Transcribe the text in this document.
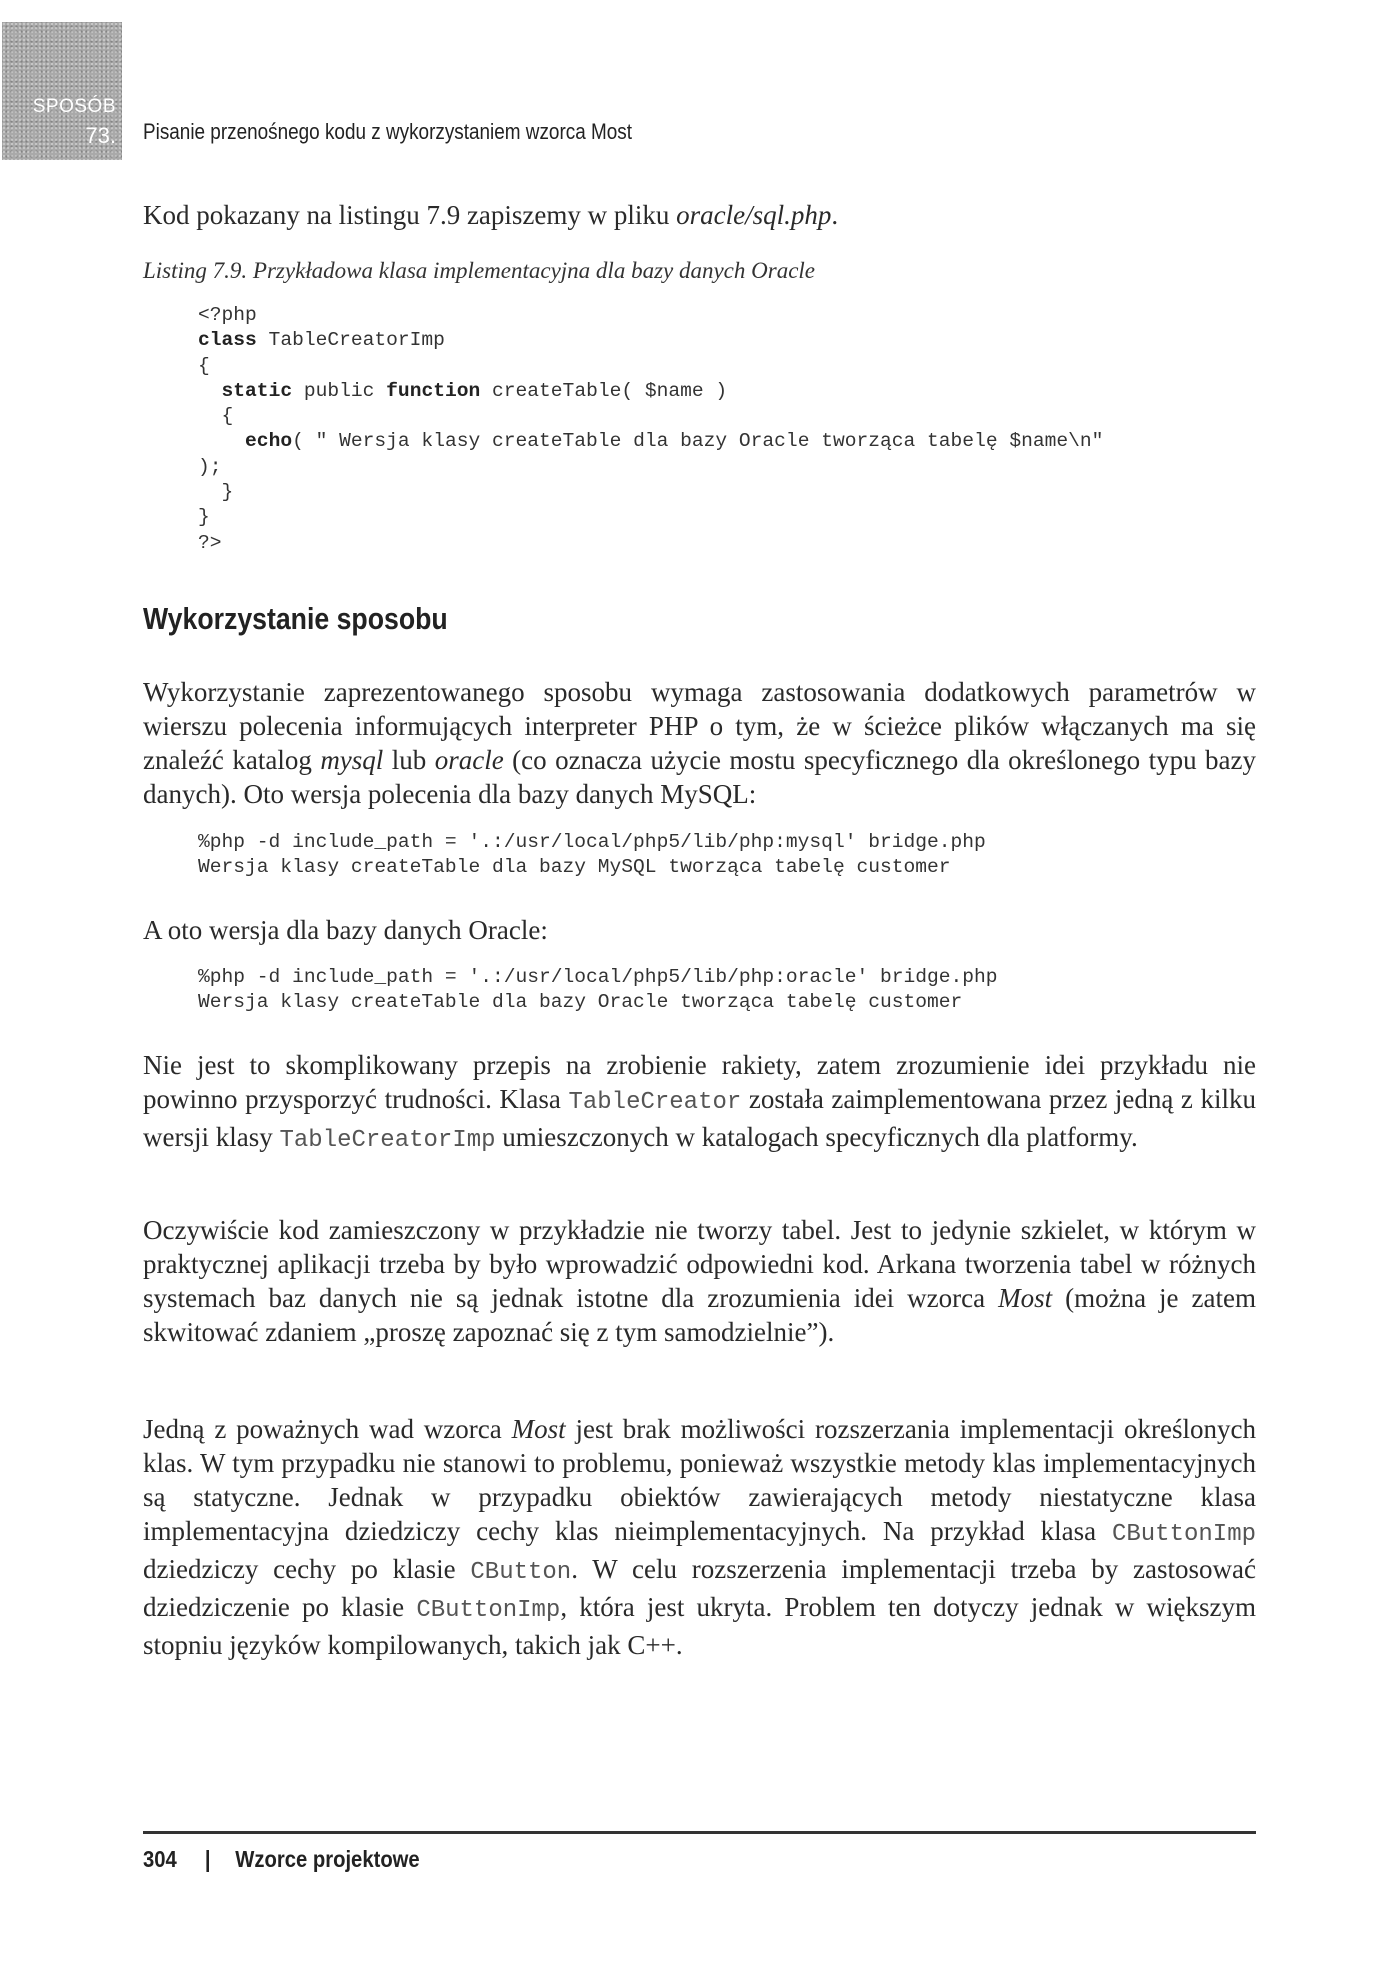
SPOSÓB
73. Pisanie przenośnego kodu z wykorzystaniem wzorca Most
Kod pokazany na listingu 7.9 zapiszemy w pliku oracle/sql.php.
Listing 7.9. Przykładowa klasa implementacyjna dla bazy danych Oracle
<?php
class TableCreatorImp
{
static public function createTable( $name )
{
echo( " Wersja klasy createTable dla bazy Oracle tworząca tabelę $name\n"
);
}
}
?>
Wykorzystanie sposobu

Wykorzystanie zaprezentowanego sposobu wymaga zastosowania dodatkowych parametrów w wierszu polecenia informujących interpreter PHP o tym, że w ścieżce plików włączanych ma się znaleźć katalog mysql lub oracle (co oznacza użycie mostu specyficznego dla określonego typu bazy danych). Oto wersja polecenia dla bazy danych MySQL:

%php -d include_path = '.:/usr/local/php5/lib/php:mysql' bridge.php
Wersja klasy createTable dla bazy MySQL tworząca tabelę customer

A oto wersja dla bazy danych Oracle:

%php -d include_path = '.:/usr/local/php5/lib/php:oracle' bridge.php
Wersja klasy createTable dla bazy Oracle tworząca tabelę customer

Nie jest to skomplikowany przepis na zrobienie rakiety, zatem zrozumienie idei przykładu nie powinno przysporzyć trudności. Klasa TableCreator została zaimplementowana przez jedną z kilku wersji klasy TableCreatorImp umieszczonych w katalogach specyficznych dla platformy.

Oczywiście kod zamieszczony w przykładzie nie tworzy tabel. Jest to jedynie szkielet, w którym w praktycznej aplikacji trzeba by było wprowadzić odpowiedni kod. Arkana tworzenia tabel w różnych systemach baz danych nie są jednak istotne dla zrozumienia idei wzorca Most (można je zatem skwitować zdaniem „proszę zapoznać się z tym samodzielnie”).

Jedną z poważnych wad wzorca Most jest brak możliwości rozszerzania implementacji określonych klas. W tym przypadku nie stanowi to problemu, ponieważ wszystkie metody klas implementacyjnych są statyczne. Jednak w przypadku obiektów zawierających metody niestatyczne klasa implementacyjna dziedziczy cechy klas nieimplementacyjnych. Na przykład klasa CButtonImp dziedziczy cechy po klasie CButton. W celu rozszerzenia implementacji trzeba by zastosować dziedziczenie po klasie CButtonImp, która jest ukryta. Problem ten dotyczy jednak w większym stopniu języków kompilowanych, takich jak C++.

304 | Wzorce projektowe
